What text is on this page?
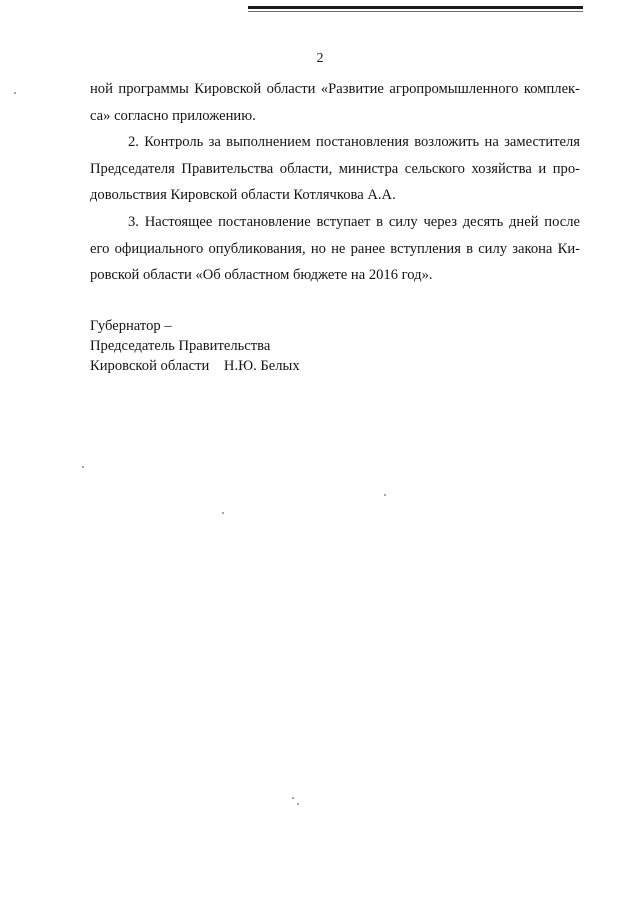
2
ной программы Кировской области «Развитие агропромышленного комплек-
са» согласно приложению.
2. Контроль за выполнением постановления возложить на заместителя
Председателя Правительства области, министра сельского хозяйства и про-
довольствия Кировской области Котлячкова А.А.
3. Настоящее постановление вступает в силу через десять дней после
его официального опубликования, но не ранее вступления в силу закона Ки-
ровской области «Об областном бюджете на 2016 год».
Губернатор –
Председатель Правительства
Кировской области Н.Ю. Белых
